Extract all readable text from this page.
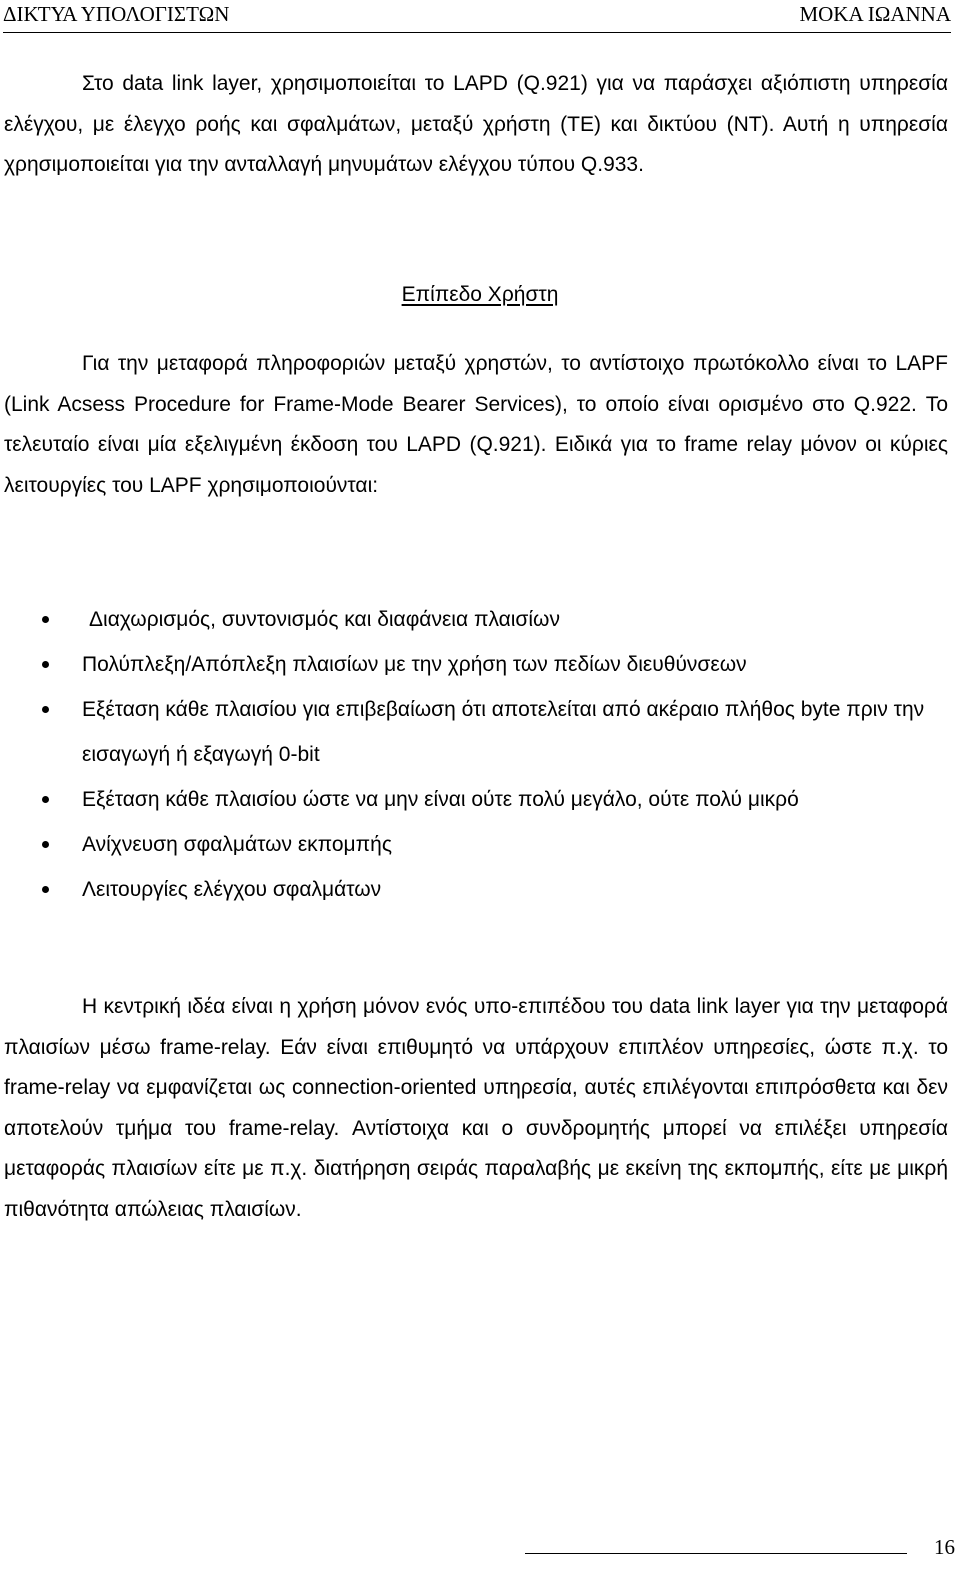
ΔΙΚΤΥΑ ΥΠΟΛΟΓΙΣΤΩΝ	ΜΟΚΑ ΙΩΑΝΝΑ

Στο data link layer, χρησιμοποιείται το LAPD (Q.921) για να παράσχει αξιόπιστη υπηρεσία ελέγχου, με έλεγχο ροής και σφαλμάτων, μεταξύ χρήστη (TE) και δικτύου (NT). Αυτή η υπηρεσία χρησιμοποιείται για την ανταλλαγή μηνυμάτων ελέγχου τύπου Q.933.

Επίπεδο Χρήστη

Για την μεταφορά πληροφοριών μεταξύ χρηστών, το αντίστοιχο πρωτόκολλο είναι το LAPF (Link Acsess Procedure for Frame-Mode Bearer Services), το οποίο είναι ορισμένο στο Q.922. Το τελευταίο είναι μία εξελιγμένη έκδοση του LAPD (Q.921). Ειδικά για το frame relay μόνον οι κύριες λειτουργίες του LAPF χρησιμοποιούνται:

Διαχωρισμός, συντονισμός και διαφάνεια πλαισίων
Πολύπλεξη/Απόπλεξη πλαισίων με την χρήση των πεδίων διευθύνσεων
Εξέταση κάθε πλαισίου για επιβεβαίωση ότι αποτελείται από ακέραιο πλήθος byte πριν την εισαγωγή ή εξαγωγή 0-bit
Εξέταση κάθε πλαισίου ώστε να μην είναι ούτε πολύ μεγάλο, ούτε πολύ μικρό
Ανίχνευση σφαλμάτων εκπομπής
Λειτουργίες ελέγχου σφαλμάτων

Η κεντρική ιδέα είναι η χρήση μόνον ενός υπο-επιπέδου του data link layer για την μεταφορά πλαισίων μέσω frame-relay. Εάν είναι επιθυμητό να υπάρχουν επιπλέον υπηρεσίες, ώστε π.χ. το frame-relay να εμφανίζεται ως connection-oriented υπηρεσία, αυτές επιλέγονται επιπρόσθετα και δεν αποτελούν τμήμα του frame-relay. Αντίστοιχα και ο συνδρομητής μπορεί να επιλέξει υπηρεσία μεταφοράς πλαισίων είτε με π.χ. διατήρηση σειράς παραλαβής με εκείνη της εκπομπής, είτε με μικρή πιθανότητα απώλειας πλαισίων.

16
